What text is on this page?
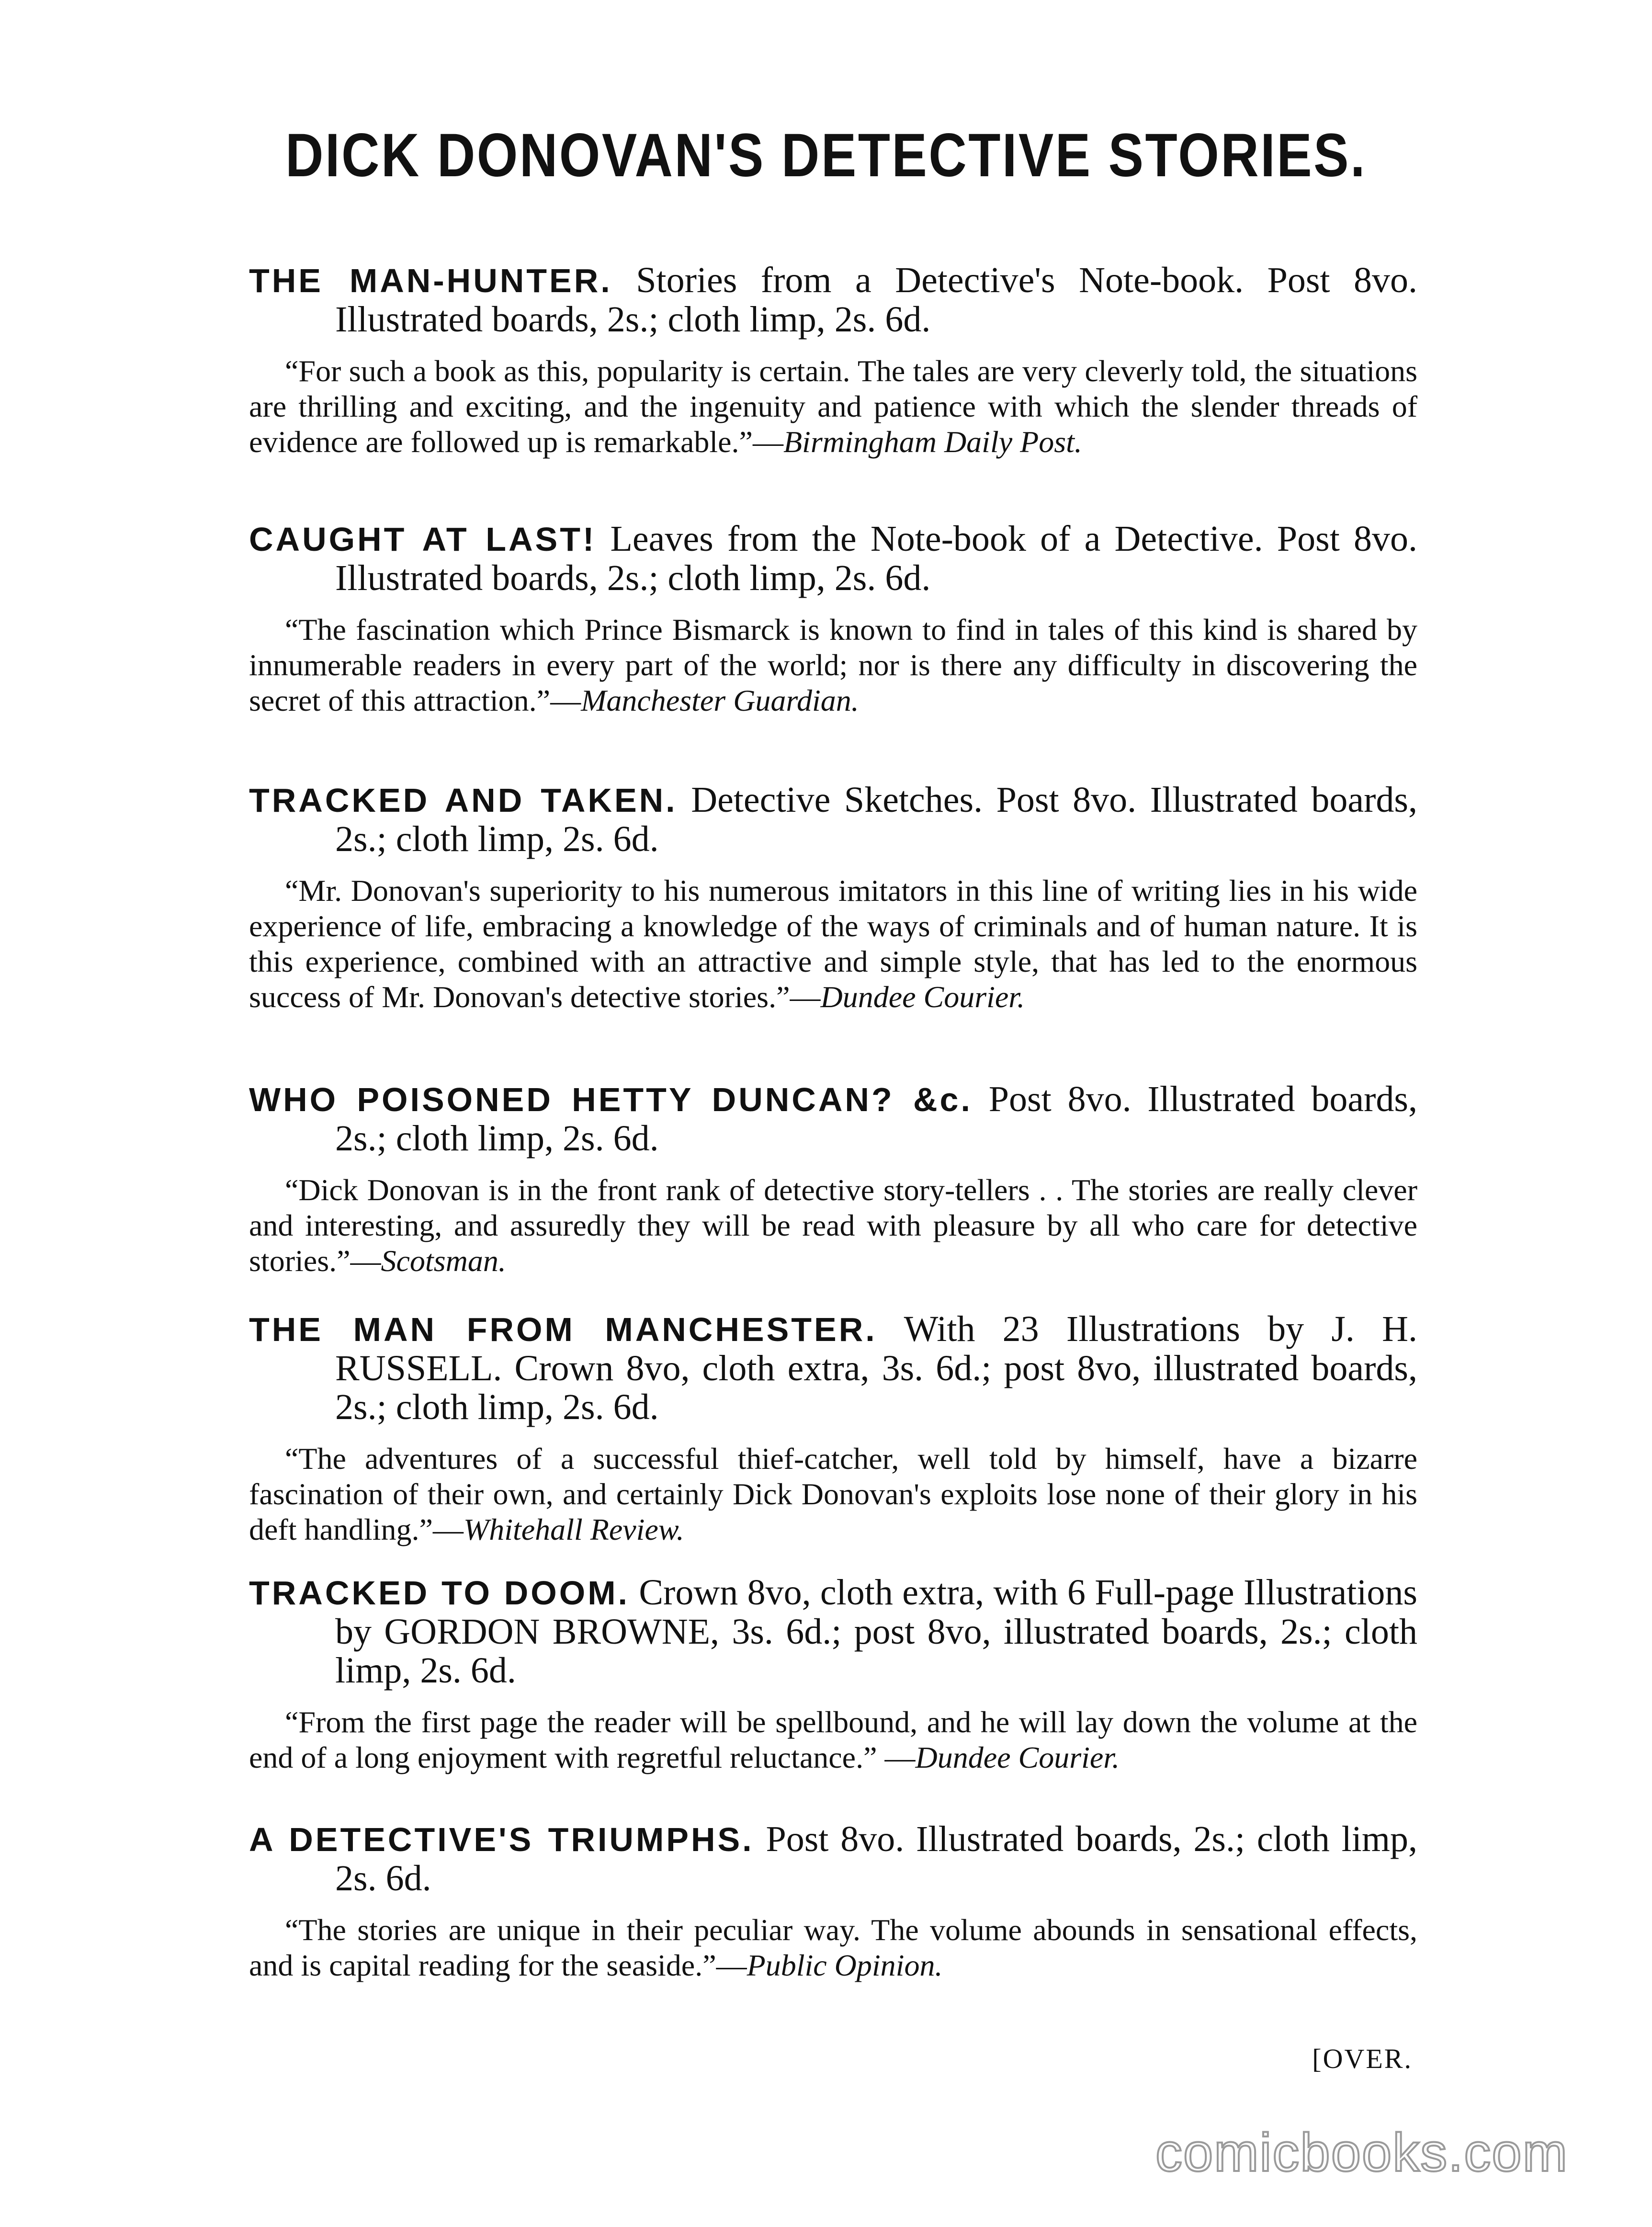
DICK DONOVAN'S DETECTIVE STORIES.
THE MAN-HUNTER. Stories from a Detective's Note-book. Post 8vo. Illustrated boards, 2s.; cloth limp, 2s. 6d.
“For such a book as this, popularity is certain. The tales are very cleverly told, the situations are thrilling and exciting, and the ingenuity and patience with which the slender threads of evidence are followed up is remarkable.”—Birmingham Daily Post.
CAUGHT AT LAST! Leaves from the Note-book of a Detective. Post 8vo. Illustrated boards, 2s.; cloth limp, 2s. 6d.
“The fascination which Prince Bismarck is known to find in tales of this kind is shared by innumerable readers in every part of the world; nor is there any difficulty in discovering the secret of this attraction.”—Manchester Guardian.
TRACKED AND TAKEN. Detective Sketches. Post 8vo. Illustrated boards, 2s.; cloth limp, 2s. 6d.
“Mr. Donovan's superiority to his numerous imitators in this line of writing lies in his wide experience of life, embracing a knowledge of the ways of criminals and of human nature. It is this experience, combined with an attractive and simple style, that has led to the enormous success of Mr. Donovan's detective stories.”—Dundee Courier.
WHO POISONED HETTY DUNCAN? &c. Post 8vo. Illustrated boards, 2s.; cloth limp, 2s. 6d.
“Dick Donovan is in the front rank of detective story-tellers . . The stories are really clever and interesting, and assuredly they will be read with pleasure by all who care for detective stories.”—Scotsman.
THE MAN FROM MANCHESTER. With 23 Illustrations by J. H. RUSSELL. Crown 8vo, cloth extra, 3s. 6d.; post 8vo, illustrated boards, 2s.; cloth limp, 2s. 6d.
“The adventures of a successful thief-catcher, well told by himself, have a bizarre fascination of their own, and certainly Dick Donovan's exploits lose none of their glory in his deft handling.”—Whitehall Review.
TRACKED TO DOOM. Crown 8vo, cloth extra, with 6 Full-page Illustrations by GORDON BROWNE, 3s. 6d.; post 8vo, illustrated boards, 2s.; cloth limp, 2s. 6d.
“From the first page the reader will be spellbound, and he will lay down the volume at the end of a long enjoyment with regretful reluctance.” —Dundee Courier.
A DETECTIVE'S TRIUMPHS. Post 8vo. Illustrated boards, 2s.; cloth limp, 2s. 6d.
“The stories are unique in their peculiar way. The volume abounds in sensational effects, and is capital reading for the seaside.”—Public Opinion.
[OVER.
comicbooks.com
